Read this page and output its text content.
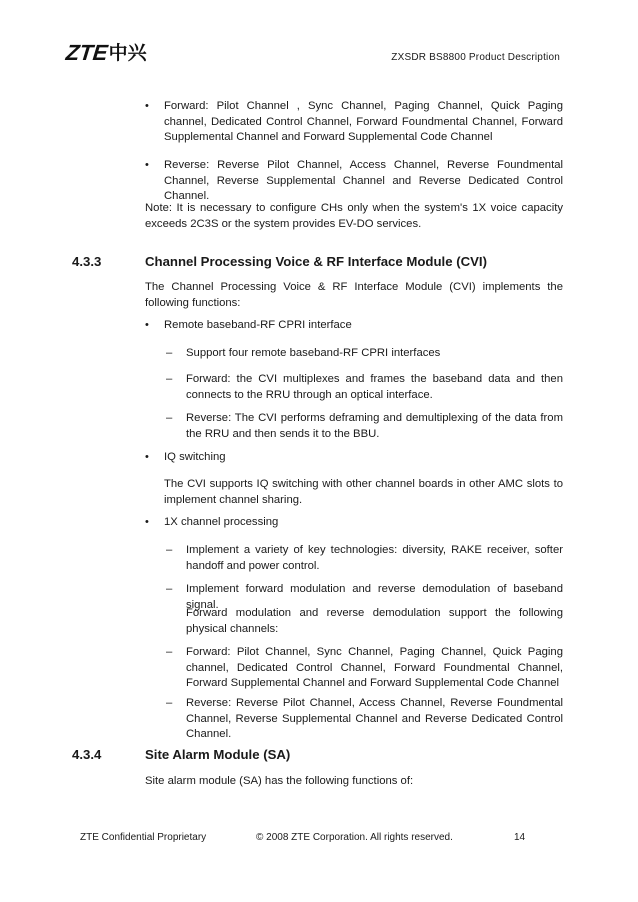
ZTE 中兴	ZXSDR BS8800 Product Description
•	Forward: Pilot Channel , Sync Channel, Paging Channel, Quick Paging channel, Dedicated Control Channel, Forward Foundmental Channel, Forward Supplemental Channel and Forward Supplemental Code Channel
•	Reverse: Reverse Pilot Channel, Access Channel, Reverse Foundmental Channel, Reverse Supplemental Channel and Reverse Dedicated Control Channel.
Note: It is necessary to configure CHs only when the system's 1X voice capacity exceeds 2C3S or the system provides EV-DO services.
4.3.3	Channel Processing Voice & RF Interface Module (CVI)
The Channel Processing Voice & RF Interface Module (CVI) implements the following functions:
•	Remote baseband-RF CPRI interface
– Support four remote baseband-RF CPRI interfaces
– Forward: the CVI multiplexes and frames the baseband data and then connects to the RRU through an optical interface.
– Reverse: The CVI performs deframing and demultiplexing of the data from the RRU and then sends it to the BBU.
•	IQ switching
The CVI supports IQ switching with other channel boards in other AMC slots to implement channel sharing.
•	1X channel processing
– Implement a variety of key technologies: diversity, RAKE receiver, softer handoff and power control.
– Implement forward modulation and reverse demodulation of baseband signal.
Forward modulation and reverse demodulation support the following physical channels:
– Forward: Pilot Channel, Sync Channel, Paging Channel, Quick Paging channel, Dedicated Control Channel, Forward Foundmental Channel, Forward Supplemental Channel and Forward Supplemental Code Channel
– Reverse: Reverse Pilot Channel, Access Channel, Reverse Foundmental Channel, Reverse Supplemental Channel and Reverse Dedicated Control Channel.
4.3.4	Site Alarm Module (SA)
Site alarm module (SA) has the following functions of:
ZTE Confidential Proprietary	© 2008 ZTE Corporation. All rights reserved.	14
